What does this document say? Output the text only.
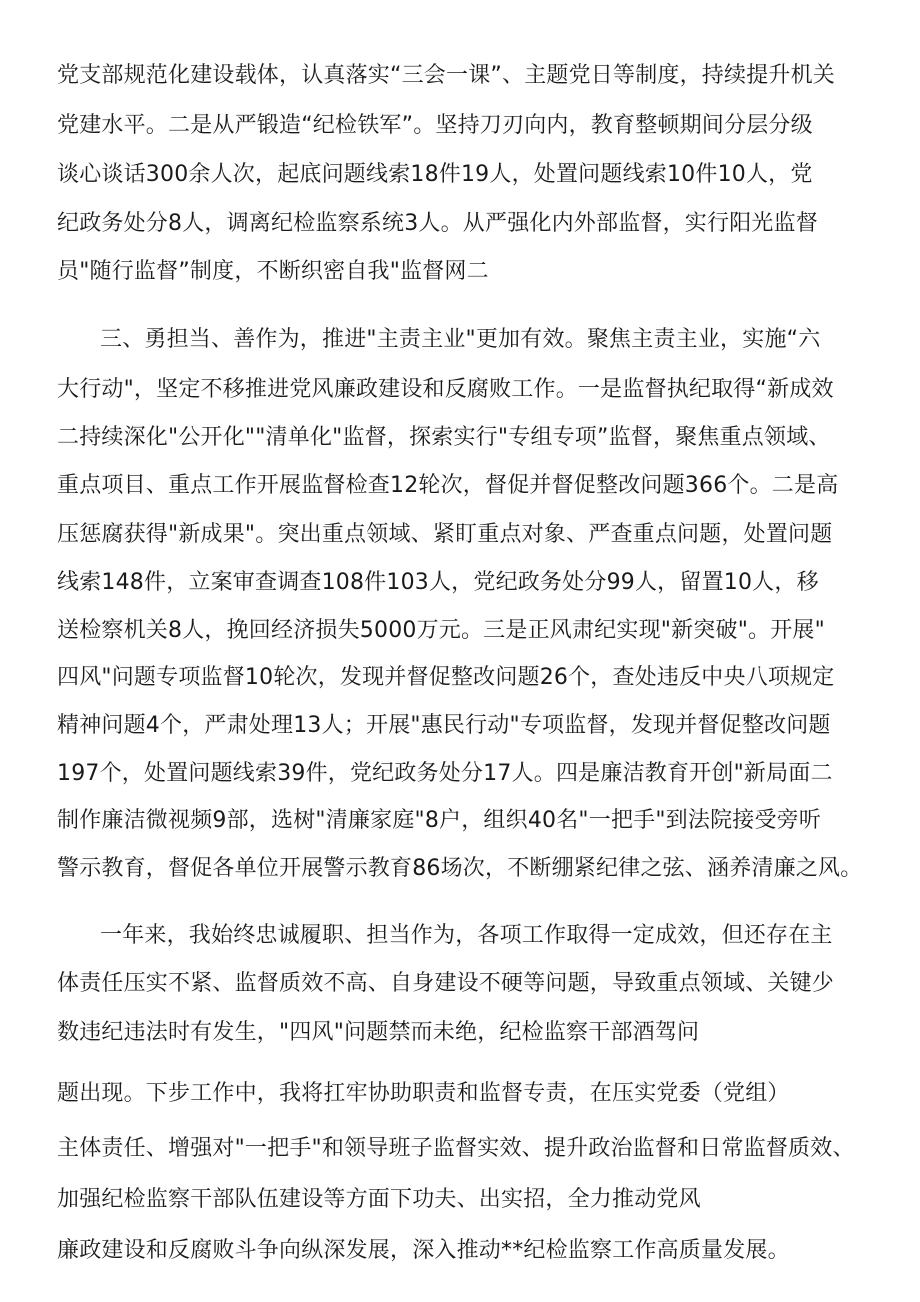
党支部规范化建设载体，认真落实“三会一课”、主题党日等制度，持续提升机关
党建水平。二是从严锻造“纪检铁军”。坚持刀刃向内，教育整顿期间分层分级
谈心谈话300余人次，起底问题线索18件19人，处置问题线索10件10人，党
纪政务处分8人，调离纪检监察系统3人。从严强化内外部监督，实行阳光监督
员"随行监督”制度，不断织密自我"监督网二
三、勇担当、善作为，推进"主责主业"更加有效。聚焦主责主业，实施“六
大行动"，坚定不移推进党风廉政建设和反腐败工作。一是监督执纪取得“新成效
二持续深化"公开化""清单化"监督，探索实行"专组专项”监督，聚焦重点领域、
重点项目、重点工作开展监督检查12轮次，督促并督促整改问题366个。二是高
压惩腐获得"新成果"。突出重点领域、紧盯重点对象、严查重点问题，处置问题
线索148件，立案审查调查108件103人，党纪政务处分99人，留置10人，移
送检察机关8人，挽回经济损失5000万元。三是正风肃纪实现"新突破"。开展"
四风"问题专项监督10轮次，发现并督促整改问题26个，查处违反中央八项规定
精神问题4个，严肃处理13人；开展"惠民行动"专项监督，发现并督促整改问题
197个，处置问题线索39件，党纪政务处分17人。四是廉洁教育开创"新局面二
制作廉洁微视频9部，选树"清廉家庭"8户，组织40名"一把手"到法院接受旁听
警示教育，督促各单位开展警示教育86场次，不断绷紧纪律之弦、涵养清廉之风。
一年来，我始终忠诚履职、担当作为，各项工作取得一定成效，但还存在主
体责任压实不紧、监督质效不高、自身建设不硬等问题，导致重点领域、关键少
数违纪违法时有发生，"四风"问题禁而未绝，纪检监察干部酒驾问
题出现。下步工作中，我将扛牢协助职责和监督专责，在压实党委（党组）
主体责任、增强对"一把手"和领导班子监督实效、提升政治监督和日常监督质效、
加强纪检监察干部队伍建设等方面下功夫、出实招，全力推动党风
廉政建设和反腐败斗争向纵深发展，深入推动**纪检监察工作高质量发展。
